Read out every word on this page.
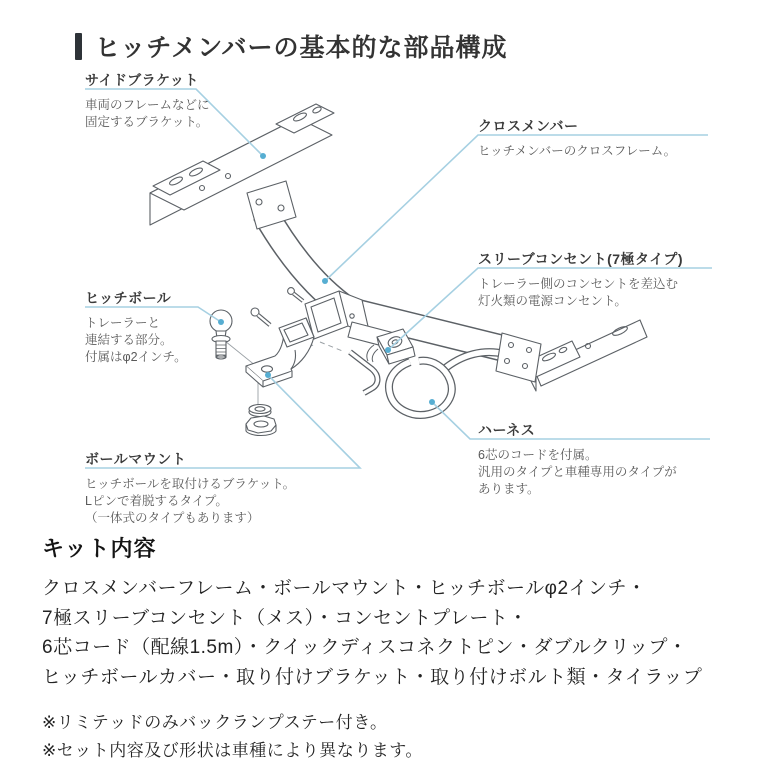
ヒッチメンバーの基本的な部品構成
サイドブラケット
車両のフレームなどに
固定するブラケット。	クロスメンバー
ヒッチメンバーのクロスフレーム。
スリーブコンセント(7極タイプ)
トレーラー側のコンセントを差込む
灯火類の電源コンセント。
ヒッチボール
トレーラーと
連結する部分。
付属はφ2インチ。
ボールマウント
ヒッチボールを取付けるブラケット。
Lピンで着脱するタイプ。
（一体式のタイプもあります）
ハーネス
6芯のコードを付属。
汎用のタイプと車種専用のタイプが
あります。
キット内容

クロスメンバーフレーム・ボールマウント・ヒッチボールφ2インチ・

7極スリーブコンセント（メス）・コンセントプレート・

6芯コード（配線1.5m）・クイックディスコネクトピン・ダブルクリップ・

ヒッチボールカバー・取り付けブラケット・取り付けボルト類・タイラップ

※リミテッドのみバックランプステー付き。

※セット内容及び形状は車種により異なります。
